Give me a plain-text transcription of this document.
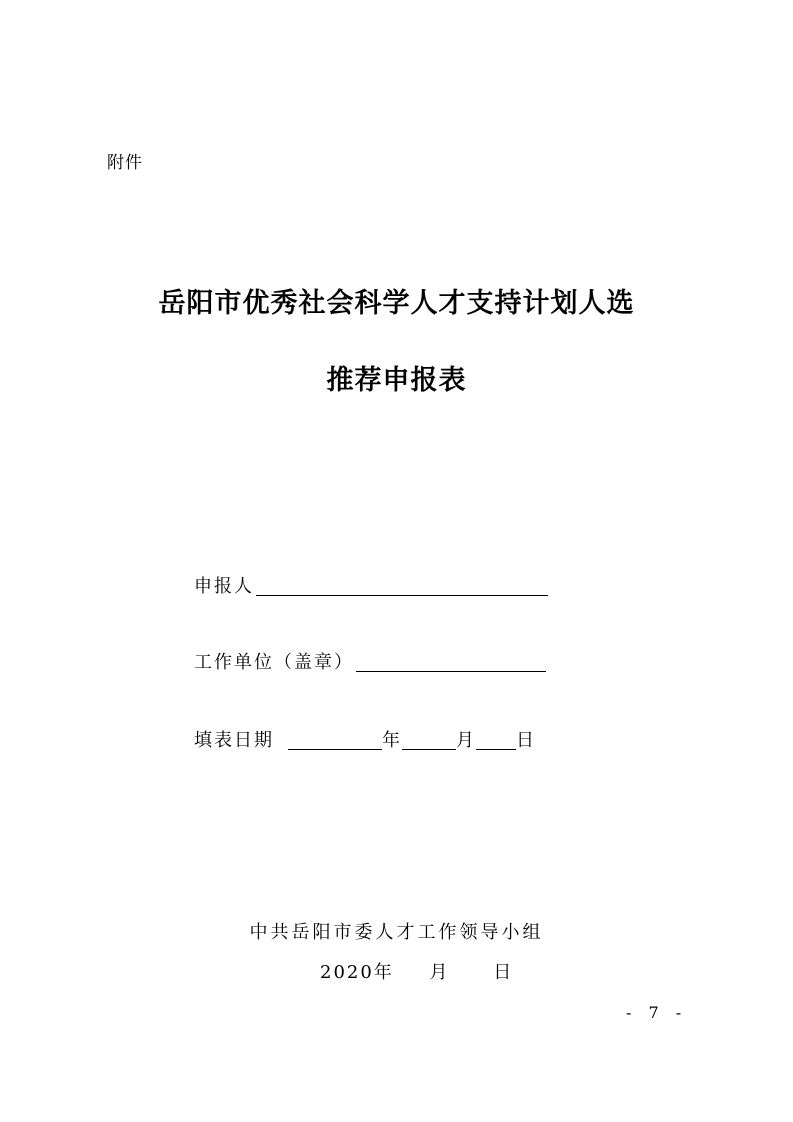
附件
岳阳市优秀社会科学人才支持计划人选
推荐申报表
申报人
工作单位（盖章）
填表日期	年	月 日
中共岳阳市委人才工作领导小组
2020年 月	日
- 7 -
